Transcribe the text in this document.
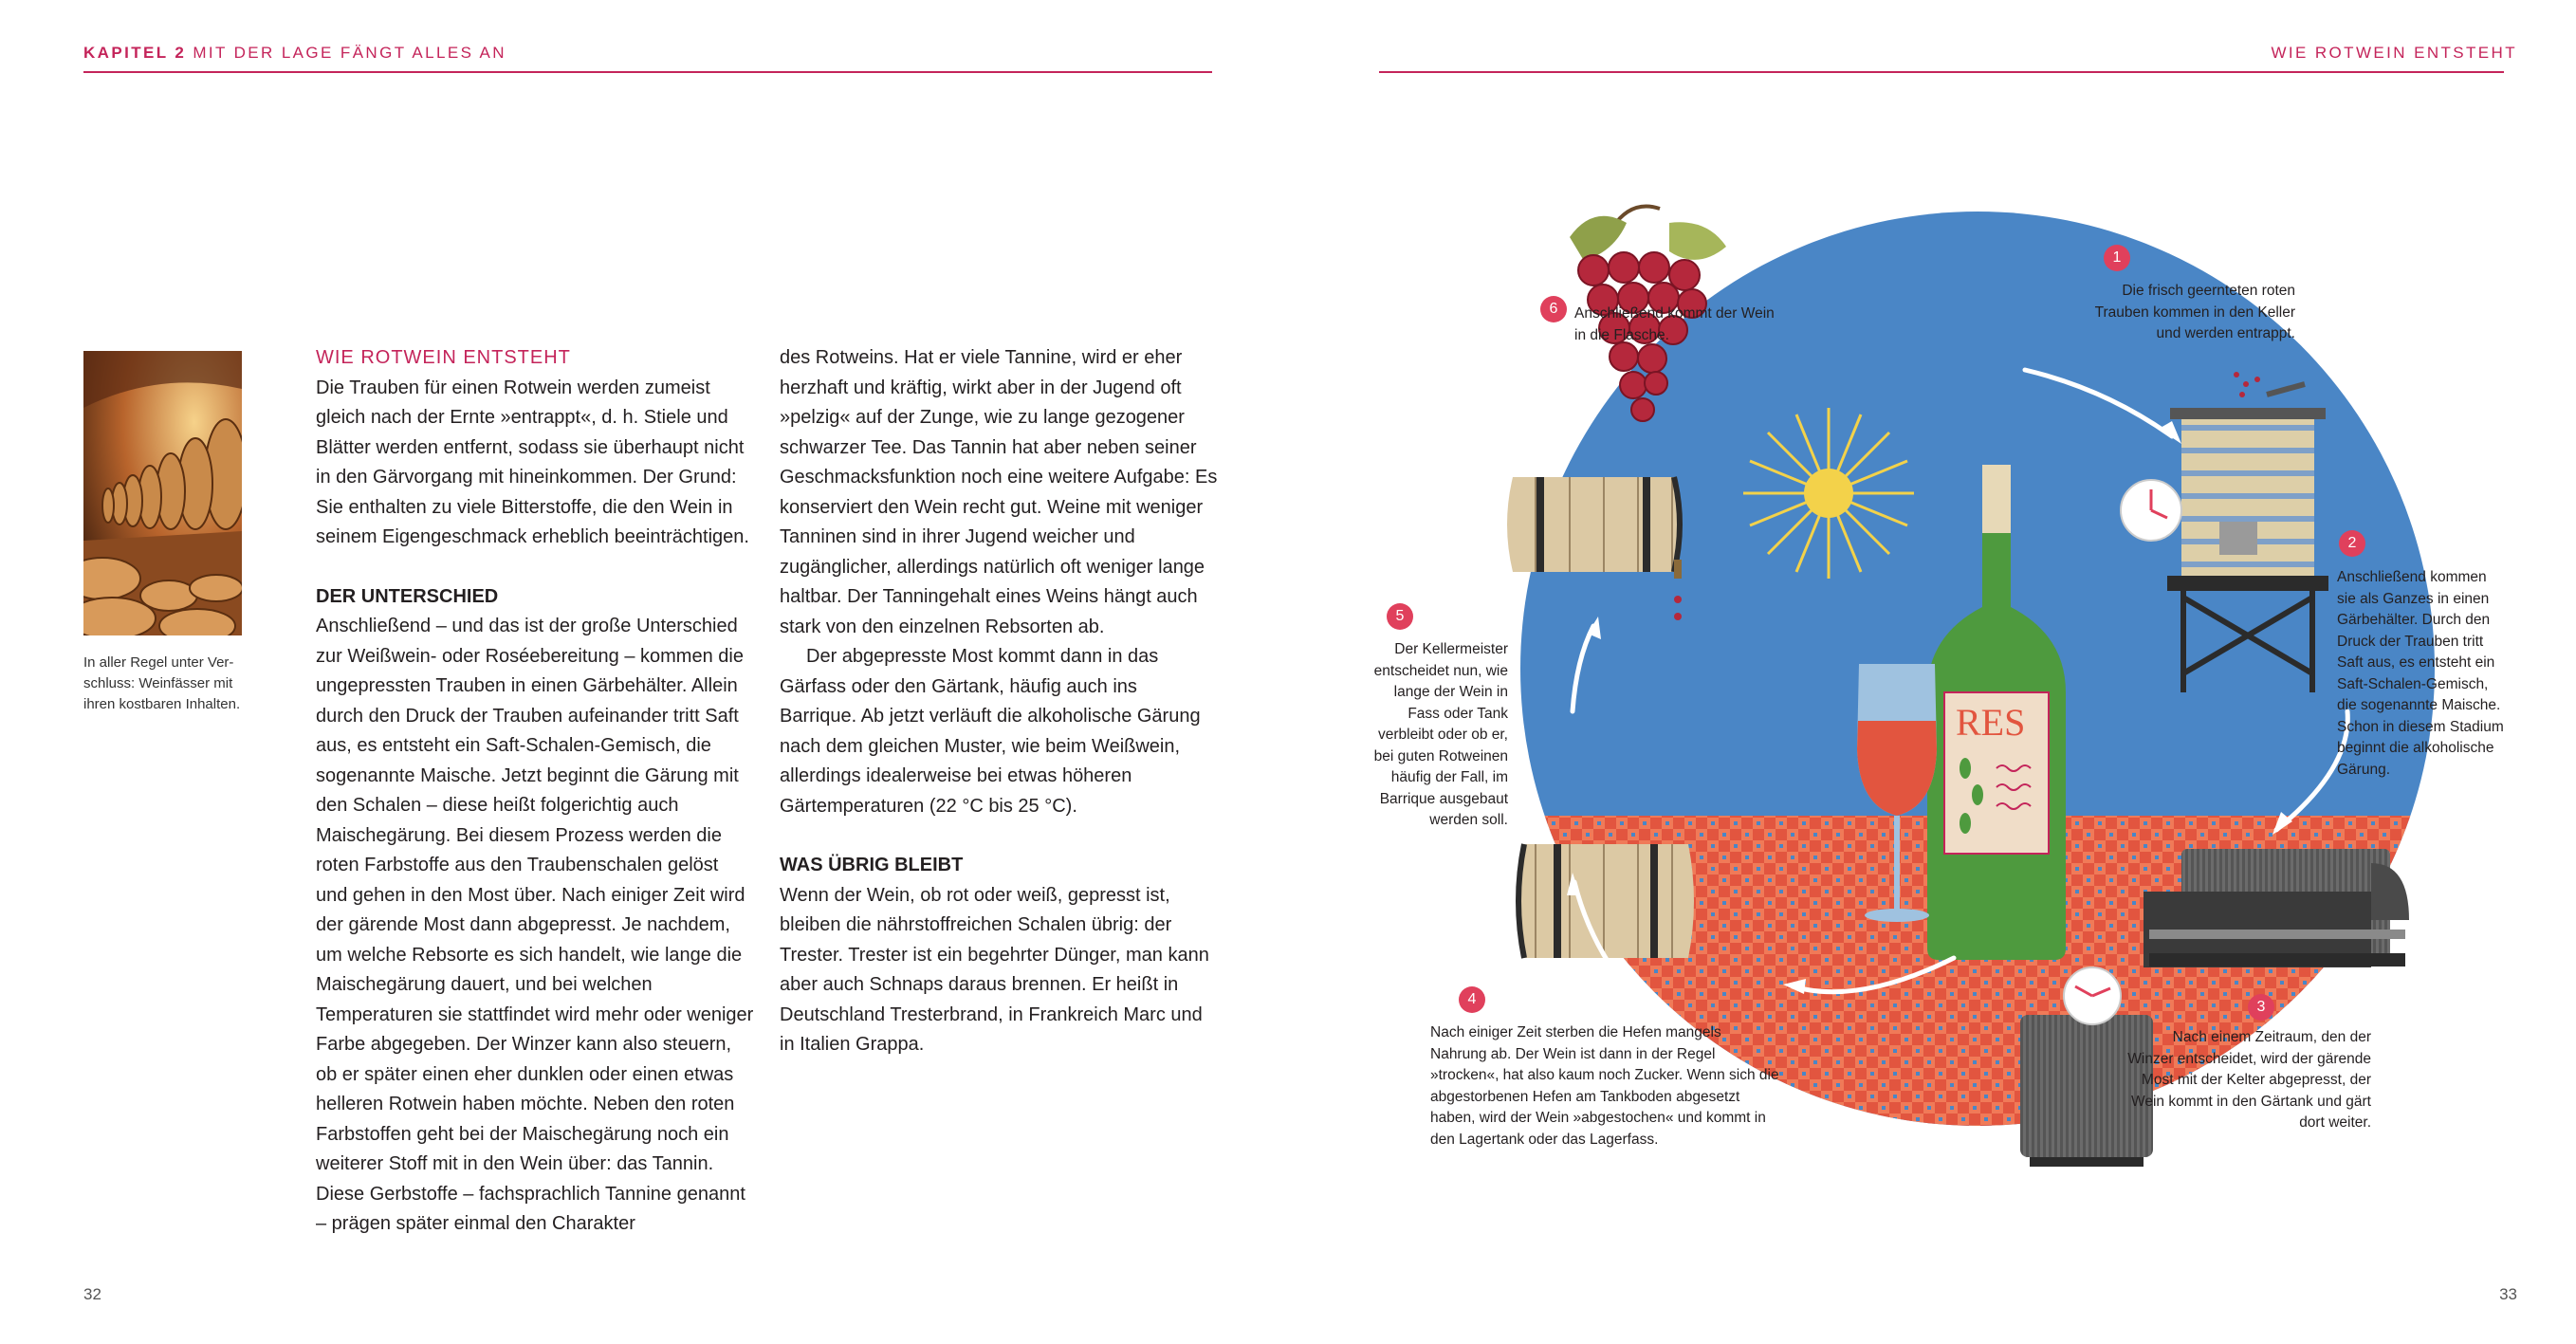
KAPITEL 2 MIT DER LAGE FÄNGT ALLES AN	WIE ROTWEIN ENTSTEHT
In aller Regel unter Ver-schluss: Weinfässer mit ihren kostbaren Inhalten.

WIE ROTWEIN ENTSTEHT

Die Trauben für einen Rotwein werden zumeist gleich nach der Ernte »entrappt«, d. h. Stiele und Blätter werden entfernt, sodass sie überhaupt nicht in den Gärvorgang mit hineinkommen. Der Grund: Sie enthalten zu viele Bitterstoffe, die den Wein in seinem Eigengeschmack erheblich beeinträchtigen.

DER UNTERSCHIED

Anschließend – und das ist der große Unterschied zur Weißwein- oder Roséebereitung – kommen die ungepressten Trauben in einen Gärbehälter. Allein durch den Druck der Trauben aufeinander tritt Saft aus, es entsteht ein Saft-Schalen-Gemisch, die sogenannte Maische. Jetzt beginnt die Gärung mit den Schalen – diese heißt folgerichtig auch Maischegärung. Bei diesem Prozess werden die roten Farbstoffe aus den Traubenschalen gelöst und gehen in den Most über. Nach einiger Zeit wird der gärende Most dann abgepresst. Je nachdem, um welche Rebsorte es sich handelt, wie lange die Maischegärung dauert, und bei welchen Temperaturen sie stattfindet wird mehr oder weniger Farbe abgegeben. Der Winzer kann also steuern, ob er später einen eher dunklen oder einen etwas helleren Rotwein haben möchte. Neben den roten Farbstoffen geht bei der Maischegärung noch ein weiterer Stoff mit in den Wein über: das Tannin. Diese Gerbstoffe – fachsprachlich Tannine genannt – prägen später einmal den Charakter

des Rotweins. Hat er viele Tannine, wird er eher herzhaft und kräftig, wirkt aber in der Jugend oft »pelzig« auf der Zunge, wie zu lange gezogener schwarzer Tee. Das Tannin hat aber neben seiner Geschmacksfunktion noch eine weitere Aufgabe: Es konserviert den Wein recht gut. Weine mit weniger Tanninen sind in ihrer Jugend weicher und zugänglicher, allerdings natürlich oft weniger lange haltbar. Der Tanningehalt eines Weins hängt auch stark von den einzelnen Rebsorten ab.

Der abgepresste Most kommt dann in das Gärfass oder den Gärtank, häufig auch ins Barrique. Ab jetzt verläuft die alkoholische Gärung nach dem gleichen Muster, wie beim Weißwein, allerdings idealerweise bei etwas höheren Gärtemperaturen (22 °C bis 25 °C).

WAS ÜBRIG BLEIBT

Wenn der Wein, ob rot oder weiß, gepresst ist, bleiben die nährstoffreichen Schalen übrig: der Trester. Trester ist ein begehrter Dünger, man kann aber auch Schnaps daraus brennen. Er heißt in Deutschland Tresterbrand, in Frankreich Marc und in Italien Grappa.

32	33
RES
1
Die frisch geernteten roten Trauben kommen in den Keller und werden entrappt.
2
Anschließend kommen sie als Ganzes in einen Gärbehälter. Durch den Druck der Trauben tritt Saft aus, es entsteht ein Saft-Schalen-Gemisch, die sogenannte Maische. Schon in diesem Stadium beginnt die alkoholische Gärung.
3
Nach einem Zeitraum, den der Winzer entscheidet, wird der gärende Most mit der Kelter abgepresst, der Wein kommt in den Gärtank und gärt dort weiter.
4
Nach einiger Zeit sterben die Hefen mangels Nahrung ab. Der Wein ist dann in der Regel »trocken«, hat also kaum noch Zucker. Wenn sich die abgestorbenen Hefen am Tankboden abgesetzt haben, wird der Wein »abgestochen« und kommt in den Lagertank oder das Lagerfass.
5
Der Kellermeister entscheidet nun, wie lange der Wein in Fass oder Tank verbleibt oder ob er, bei guten Rotweinen häufig der Fall, im Barrique ausgebaut werden soll.
6	Anschließend kommt der Wein in die Flasche.
